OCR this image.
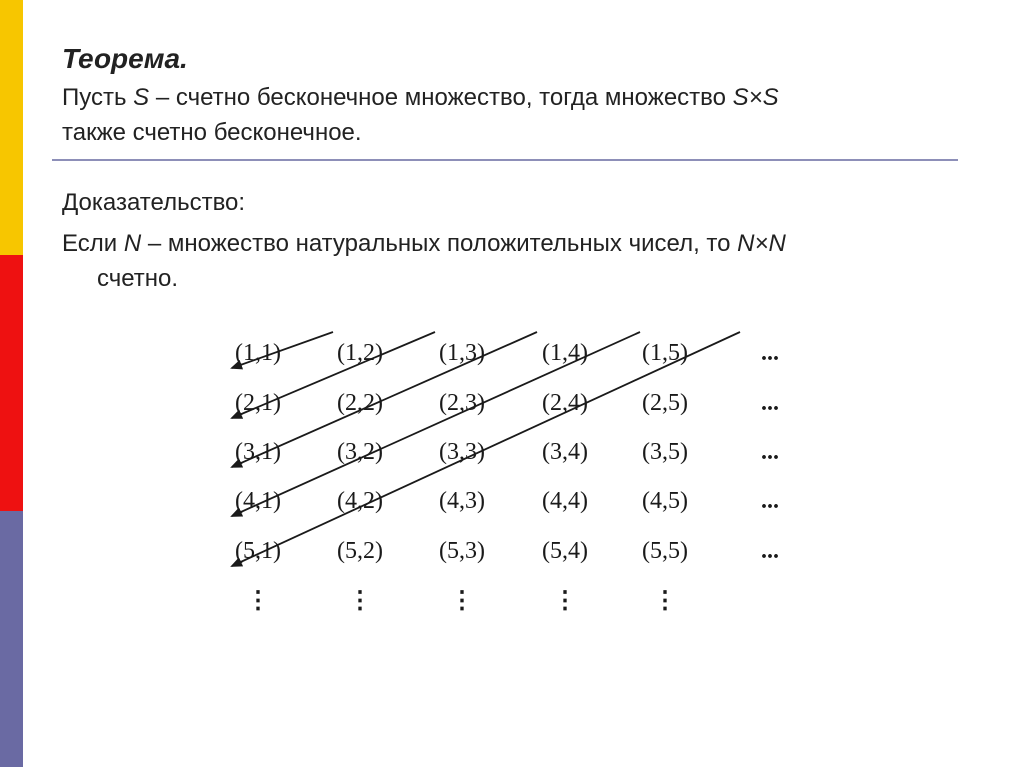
Теорема.
Пусть S – счетно бесконечное множество, тогда множество S×S
также счетно бесконечное.
Доказательство:
Если N – множество натуральных положительных чисел, то N×N
счетно.
(1,1) (1,2) (1,3) (1,4) (1,5)	...
(2,1) (2,2) (2,3) (2,4) (2,5)	...
(3,1) (3,2) (3,3) (3,4) (3,5)	...
(4,1) (4,2) (4,3) (4,4) (4,5)	...
(5,1) (5,2) (5,3) (5,4) (5,5)	...
⋮	⋮	⋮	⋮	⋮
